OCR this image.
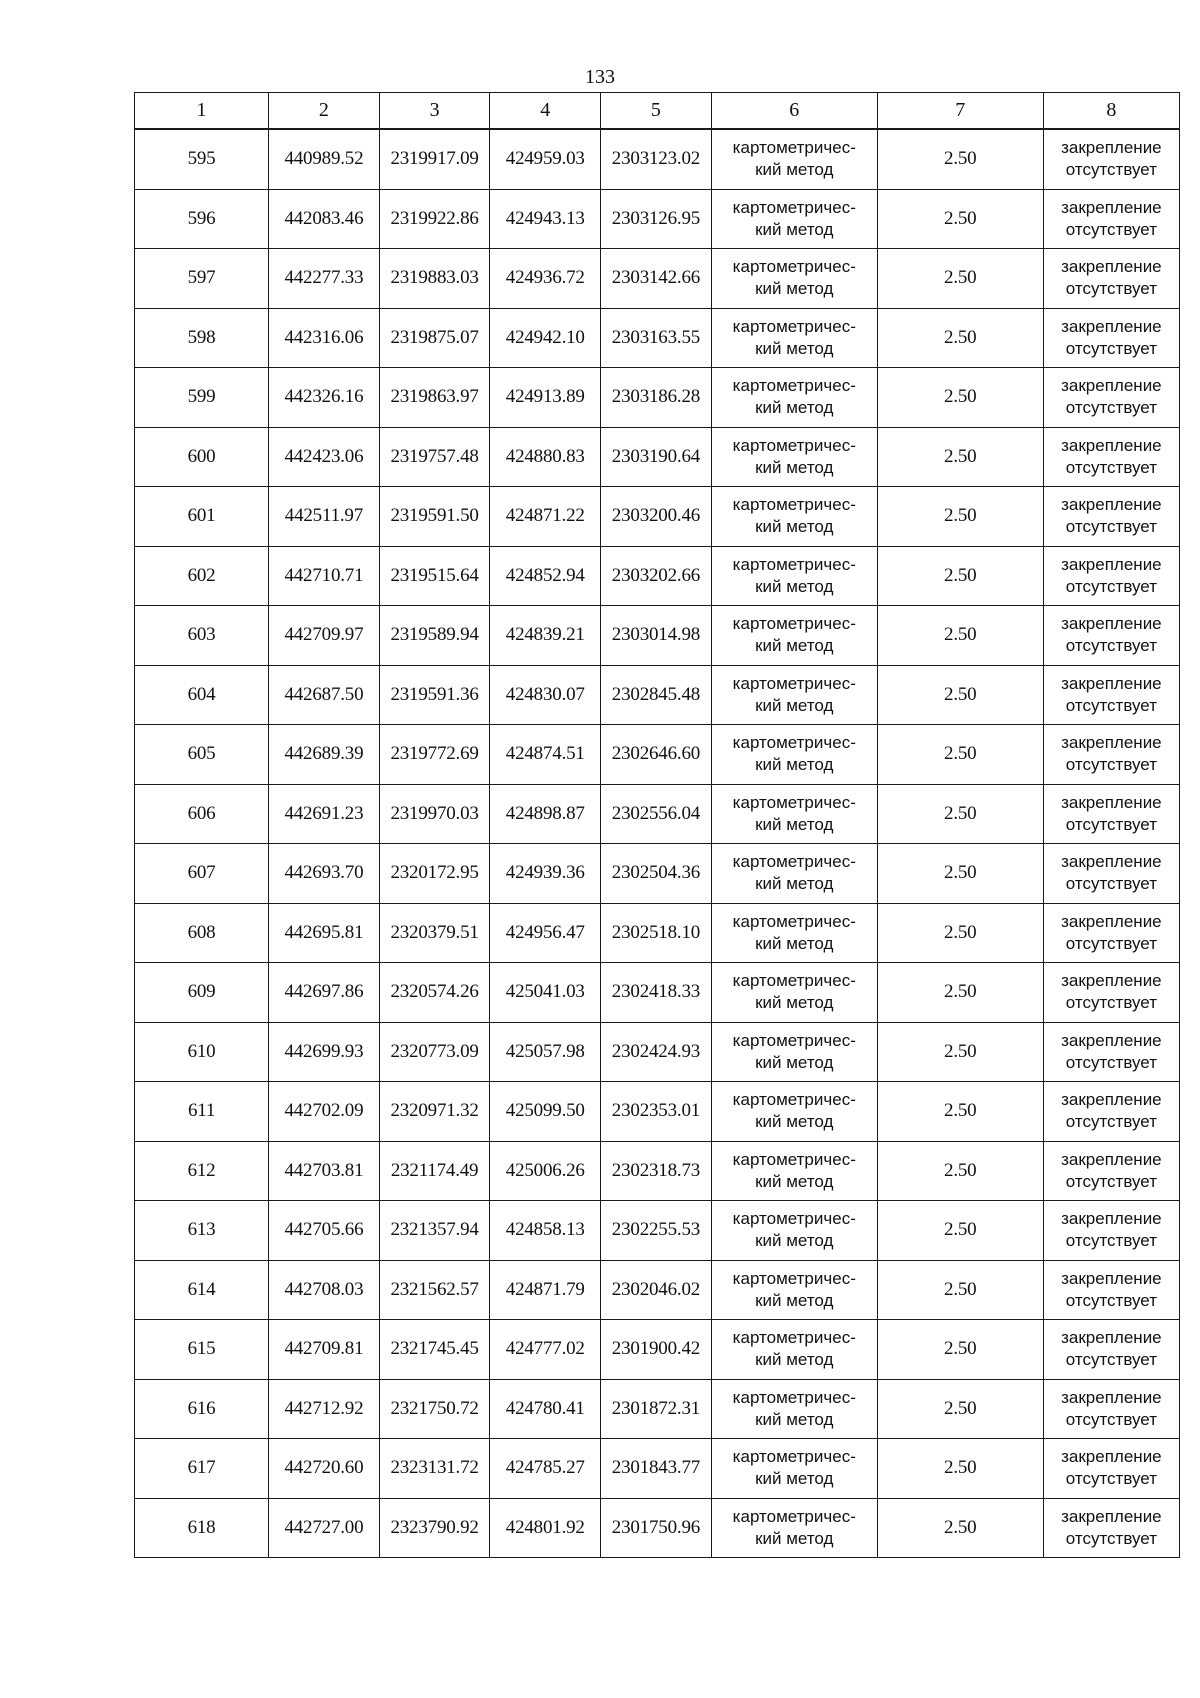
133
1	2	3	4	5	6	7	8
595	440989.52	2319917.09	424959.03	2303123.02	картометричес-
кий метод	2.50	закрепление
отсутствует

596	442083.46	2319922.86	424943.13	2303126.95	картометричес-
кий метод	2.50	закрепление
отсутствует

597	442277.33	2319883.03	424936.72	2303142.66	картометричес-
кий метод	2.50	закрепление
отсутствует

598	442316.06	2319875.07	424942.10	2303163.55	картометричес-
кий метод	2.50	закрепление
отсутствует

599	442326.16	2319863.97	424913.89	2303186.28	картометричес-
кий метод	2.50	закрепление
отсутствует

600	442423.06	2319757.48	424880.83	2303190.64	картометричес-
кий метод	2.50	закрепление
отсутствует

601	442511.97	2319591.50	424871.22	2303200.46	картометричес-
кий метод	2.50	закрепление
отсутствует

602	442710.71	2319515.64	424852.94	2303202.66	картометричес-
кий метод	2.50	закрепление
отсутствует

603	442709.97	2319589.94	424839.21	2303014.98	картометричес-
кий метод	2.50	закрепление
отсутствует

604	442687.50	2319591.36	424830.07	2302845.48	картометричес-
кий метод	2.50	закрепление
отсутствует

605	442689.39	2319772.69	424874.51	2302646.60	картометричес-
кий метод	2.50	закрепление
отсутствует

606	442691.23	2319970.03	424898.87	2302556.04	картометричес-
кий метод	2.50	закрепление
отсутствует

607	442693.70	2320172.95	424939.36	2302504.36	картометричес-
кий метод	2.50	закрепление
отсутствует

608	442695.81	2320379.51	424956.47	2302518.10	картометричес-
кий метод	2.50	закрепление
отсутствует

609	442697.86	2320574.26	425041.03	2302418.33	картометричес-
кий метод	2.50	закрепление
отсутствует

610	442699.93	2320773.09	425057.98	2302424.93	картометричес-
кий метод	2.50	закрепление
отсутствует

611	442702.09	2320971.32	425099.50	2302353.01	картометричес-
кий метод	2.50	закрепление
отсутствует

612	442703.81	2321174.49	425006.26	2302318.73	картометричес-
кий метод	2.50	закрепление
отсутствует

613	442705.66	2321357.94	424858.13	2302255.53	картометричес-
кий метод	2.50	закрепление
отсутствует

614	442708.03	2321562.57	424871.79	2302046.02	картометричес-
кий метод	2.50	закрепление
отсутствует

615	442709.81	2321745.45	424777.02	2301900.42	картометричес-
кий метод	2.50	закрепление
отсутствует

616	442712.92	2321750.72	424780.41	2301872.31	картометричес-
кий метод	2.50	закрепление
отсутствует

617	442720.60	2323131.72	424785.27	2301843.77	картометричес-
кий метод	2.50	закрепление
отсутствует

618	442727.00	2323790.92	424801.92	2301750.96	картометричес-
кий метод	2.50	закрепление
отсутствует
